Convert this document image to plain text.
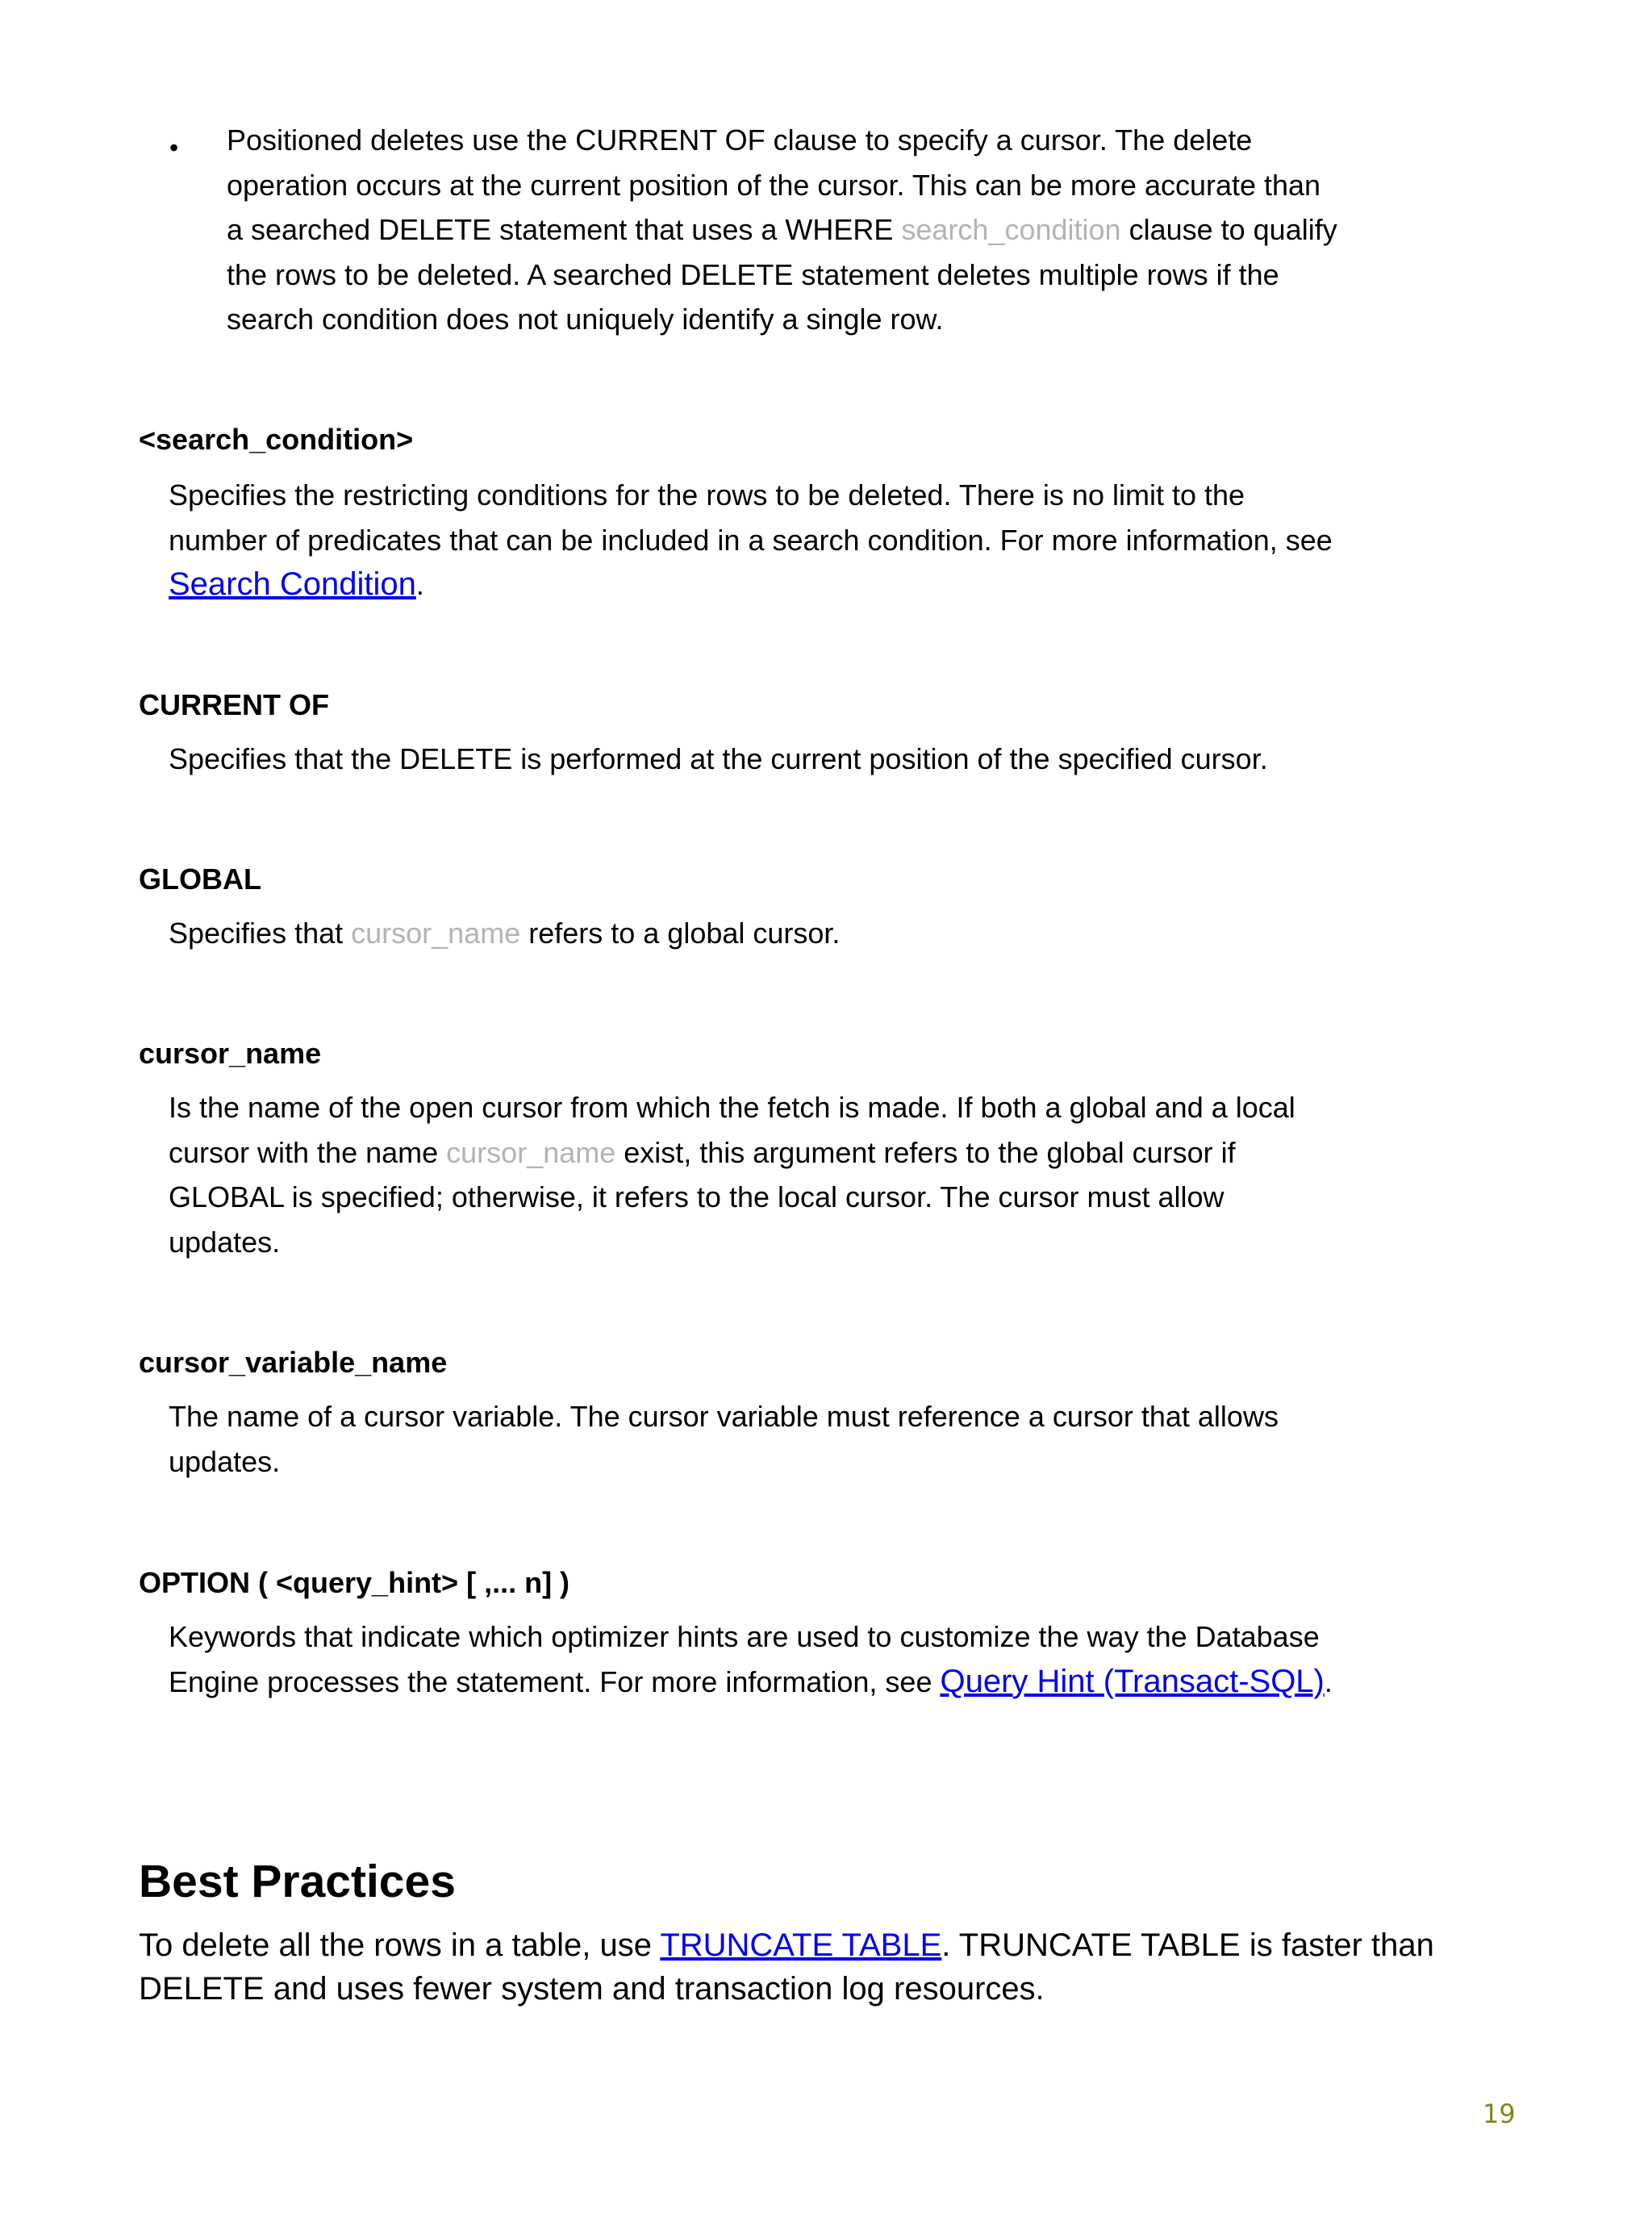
• Positioned deletes use the CURRENT OF clause to specify a cursor. The delete operation occurs at the current position of the cursor. This can be more accurate than a searched DELETE statement that uses a WHERE search_condition clause to qualify the rows to be deleted. A searched DELETE statement deletes multiple rows if the search condition does not uniquely identify a single row.

<search_condition>

Specifies the restricting conditions for the rows to be deleted. There is no limit to the number of predicates that can be included in a search condition. For more information, see Search Condition.

CURRENT OF

Specifies that the DELETE is performed at the current position of the specified cursor.

GLOBAL

Specifies that cursor_name refers to a global cursor.

cursor_name

Is the name of the open cursor from which the fetch is made. If both a global and a local cursor with the name cursor_name exist, this argument refers to the global cursor if GLOBAL is specified; otherwise, it refers to the local cursor. The cursor must allow updates.

cursor_variable_name

The name of a cursor variable. The cursor variable must reference a cursor that allows updates.

OPTION ( <query_hint> [ ,... n] )

Keywords that indicate which optimizer hints are used to customize the way the Database Engine processes the statement. For more information, see Query Hint (Transact-SQL).

Best Practices

To delete all the rows in a table, use TRUNCATE TABLE. TRUNCATE TABLE is faster than DELETE and uses fewer system and transaction log resources.

19
